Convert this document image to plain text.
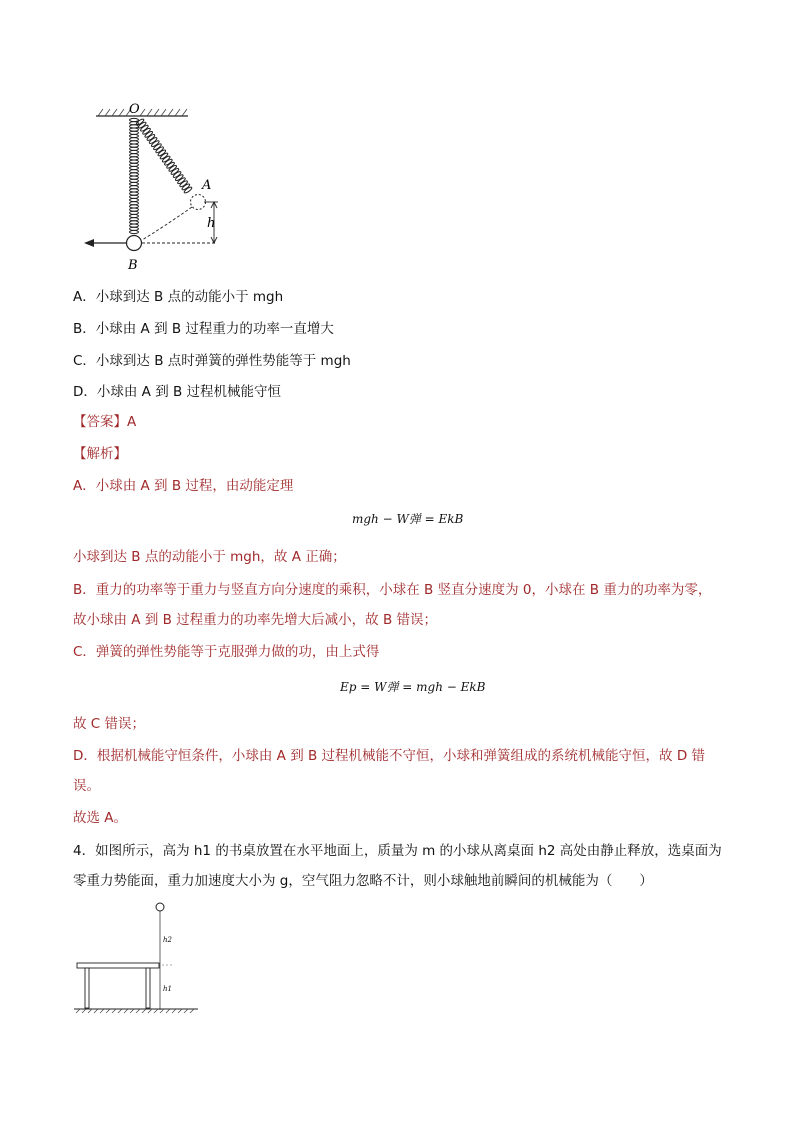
O
A
h
B
A．小球到达 B 点的动能小于 mgh
B．小球由 A 到 B 过程重力的功率一直增大
C．小球到达 B 点时弹簧的弹性势能等于 mgh
D．小球由 A 到 B 过程机械能守恒
【答案】A
【解析】
A．小球由 A 到 B 过程，由动能定理
mgh − W弹 = EkB
小球到达 B 点的动能小于 mgh，故 A 正确；
B．重力的功率等于重力与竖直方向分速度的乘积，小球在 B 竖直分速度为 0，小球在 B 重力的功率为零，
故小球由 A 到 B 过程重力的功率先增大后减小，故 B 错误；
C．弹簧的弹性势能等于克服弹力做的功，由上式得
Ep = W弹 = mgh − EkB
故 C 错误；
D．根据机械能守恒条件，小球由 A 到 B 过程机械能不守恒，小球和弹簧组成的系统机械能守恒，故 D 错
误。
故选 A。
4．如图所示，高为 h1 的书桌放置在水平地面上，质量为 m 的小球从离桌面 h2 高处由静止释放，选桌面为
零重力势能面，重力加速度大小为 g，空气阻力忽略不计，则小球触地前瞬间的机械能为（　　）
h2
h1
